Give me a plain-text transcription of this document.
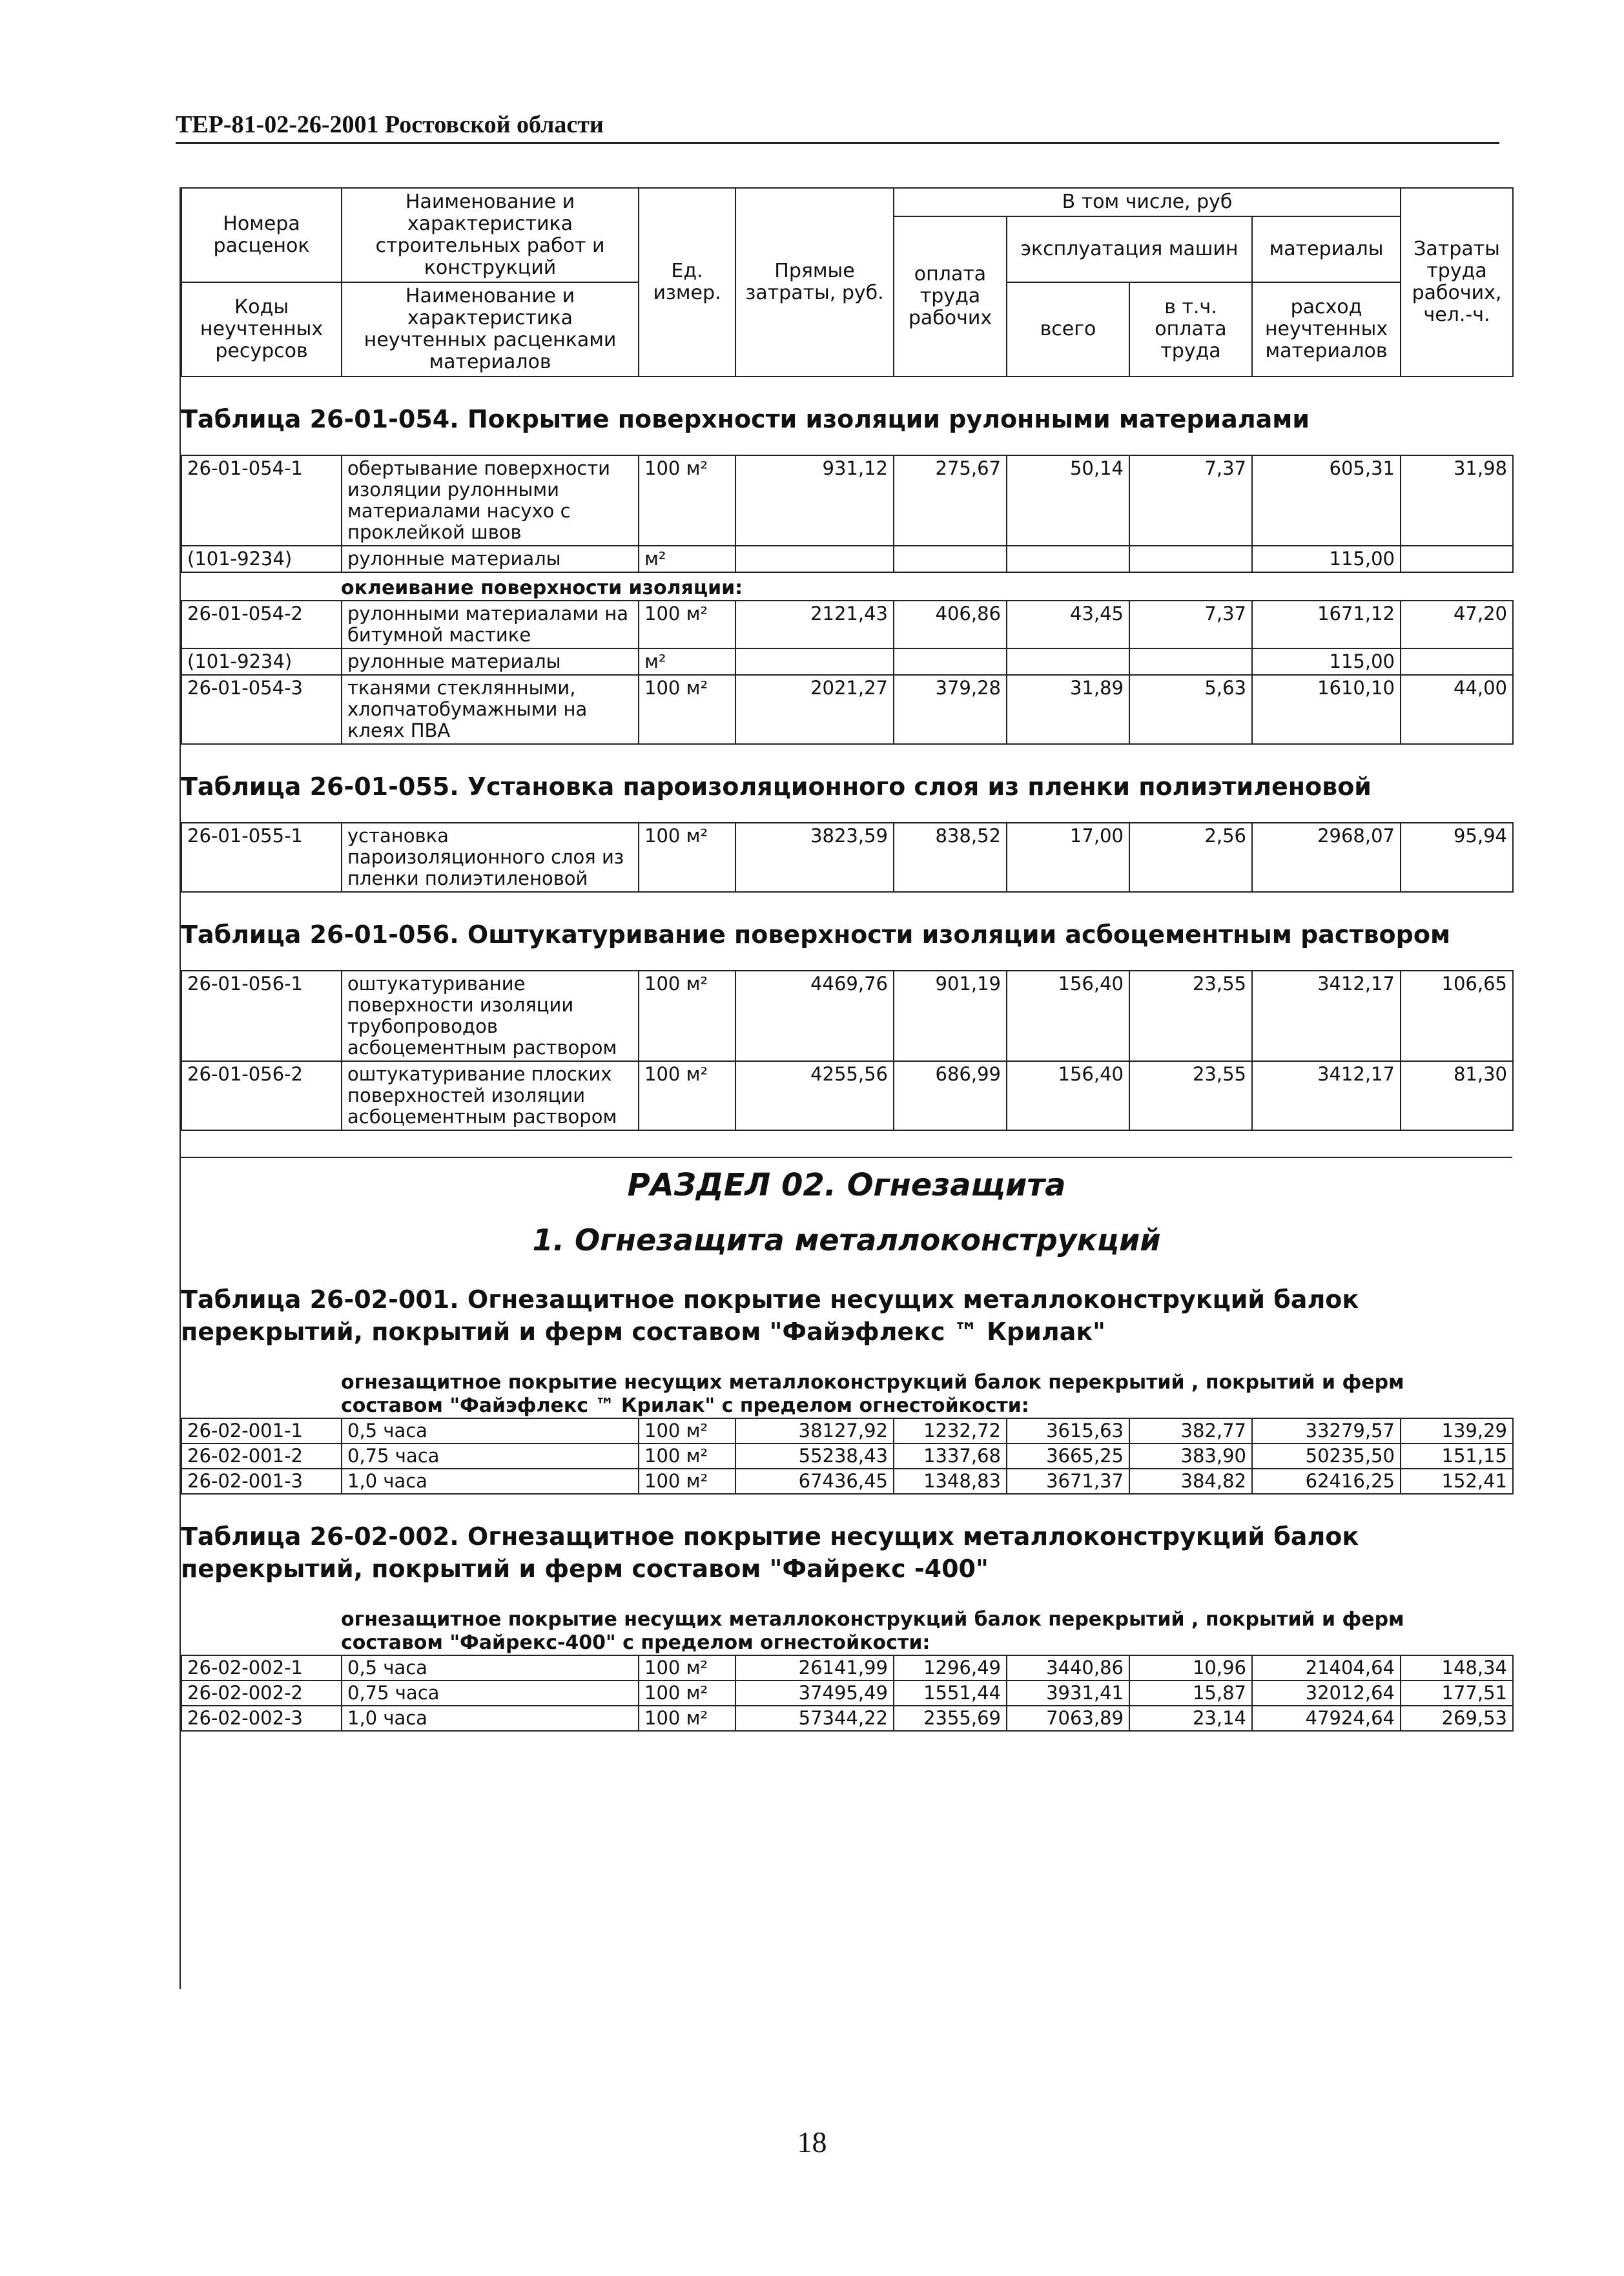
ТЕР-81-02-26-2001 Ростовской области
Номера расценок	Наименование и характеристика строительных работ и конструкций	Ед. измер.	Прямые затраты, руб.	В том числе, руб				Затраты труда рабочих, чел.-ч.
				оплата труда рабочих	эксплуатация машин		материалы	
Коды неучтенных ресурсов	Наименование и характеристика неучтенных расценками материалов				всего	в т.ч. оплата труда	расход неучтенных материалов	
Таблица 26-01-054. Покрытие поверхности изоляции рулонными материалами
26-01-054-1	обертывание поверхности изоляции рулонными материалами насухо с проклейкой швов	100 м²	931,12	275,67	50,14	7,37	605,31	31,98
(101-9234)	рулонные материалы	м²					115,00	
оклеивание поверхности изоляции:
26-01-054-2	рулонными материалами на битумной мастике	100 м²	2121,43	406,86	43,45	7,37	1671,12	47,20
(101-9234)	рулонные материалы	м²					115,00	
26-01-054-3	тканями стеклянными, хлопчатобумажными на клеях ПВА	100 м²	2021,27	379,28	31,89	5,63	1610,10	44,00
Таблица 26-01-055. Установка пароизоляционного слоя из пленки полиэтиленовой
26-01-055-1	установка пароизоляционного слоя из пленки полиэтиленовой	100 м²	3823,59	838,52	17,00	2,56	2968,07	95,94
Таблица 26-01-056. Оштукатуривание поверхности изоляции асбоцементным раствором
26-01-056-1	оштукатуривание поверхности изоляции трубопроводов асбоцементным раствором	100 м²	4469,76	901,19	156,40	23,55	3412,17	106,65
26-01-056-2	оштукатуривание плоских поверхностей изоляции асбоцементным раствором	100 м²	4255,56	686,99	156,40	23,55	3412,17	81,30
РАЗДЕЛ 02. Огнезащита
1. Огнезащита металлоконструкций
Таблица 26-02-001. Огнезащитное покрытие несущих металлоконструкций балок перекрытий, покрытий и ферм составом "Файэфлекс ™ Крилак"
огнезащитное покрытие несущих металлоконструкций балок перекрытий , покрытий и ферм составом "Файэфлекс ™ Крилак" с пределом огнестойкости:
26-02-001-1	0,5 часа	100 м²	38127,92	1232,72	3615,63	382,77	33279,57	139,29
26-02-001-2	0,75 часа	100 м²	55238,43	1337,68	3665,25	383,90	50235,50	151,15
26-02-001-3	1,0 часа	100 м²	67436,45	1348,83	3671,37	384,82	62416,25	152,41
Таблица 26-02-002. Огнезащитное покрытие несущих металлоконструкций балок перекрытий, покрытий и ферм составом "Файрекс -400"
огнезащитное покрытие несущих металлоконструкций балок перекрытий , покрытий и ферм составом "Файрекс-400" с пределом огнестойкости:
26-02-002-1	0,5 часа	100 м²	26141,99	1296,49	3440,86	10,96	21404,64	148,34
26-02-002-2	0,75 часа	100 м²	37495,49	1551,44	3931,41	15,87	32012,64	177,51
26-02-002-3	1,0 часа	100 м²	57344,22	2355,69	7063,89	23,14	47924,64	269,53
18
